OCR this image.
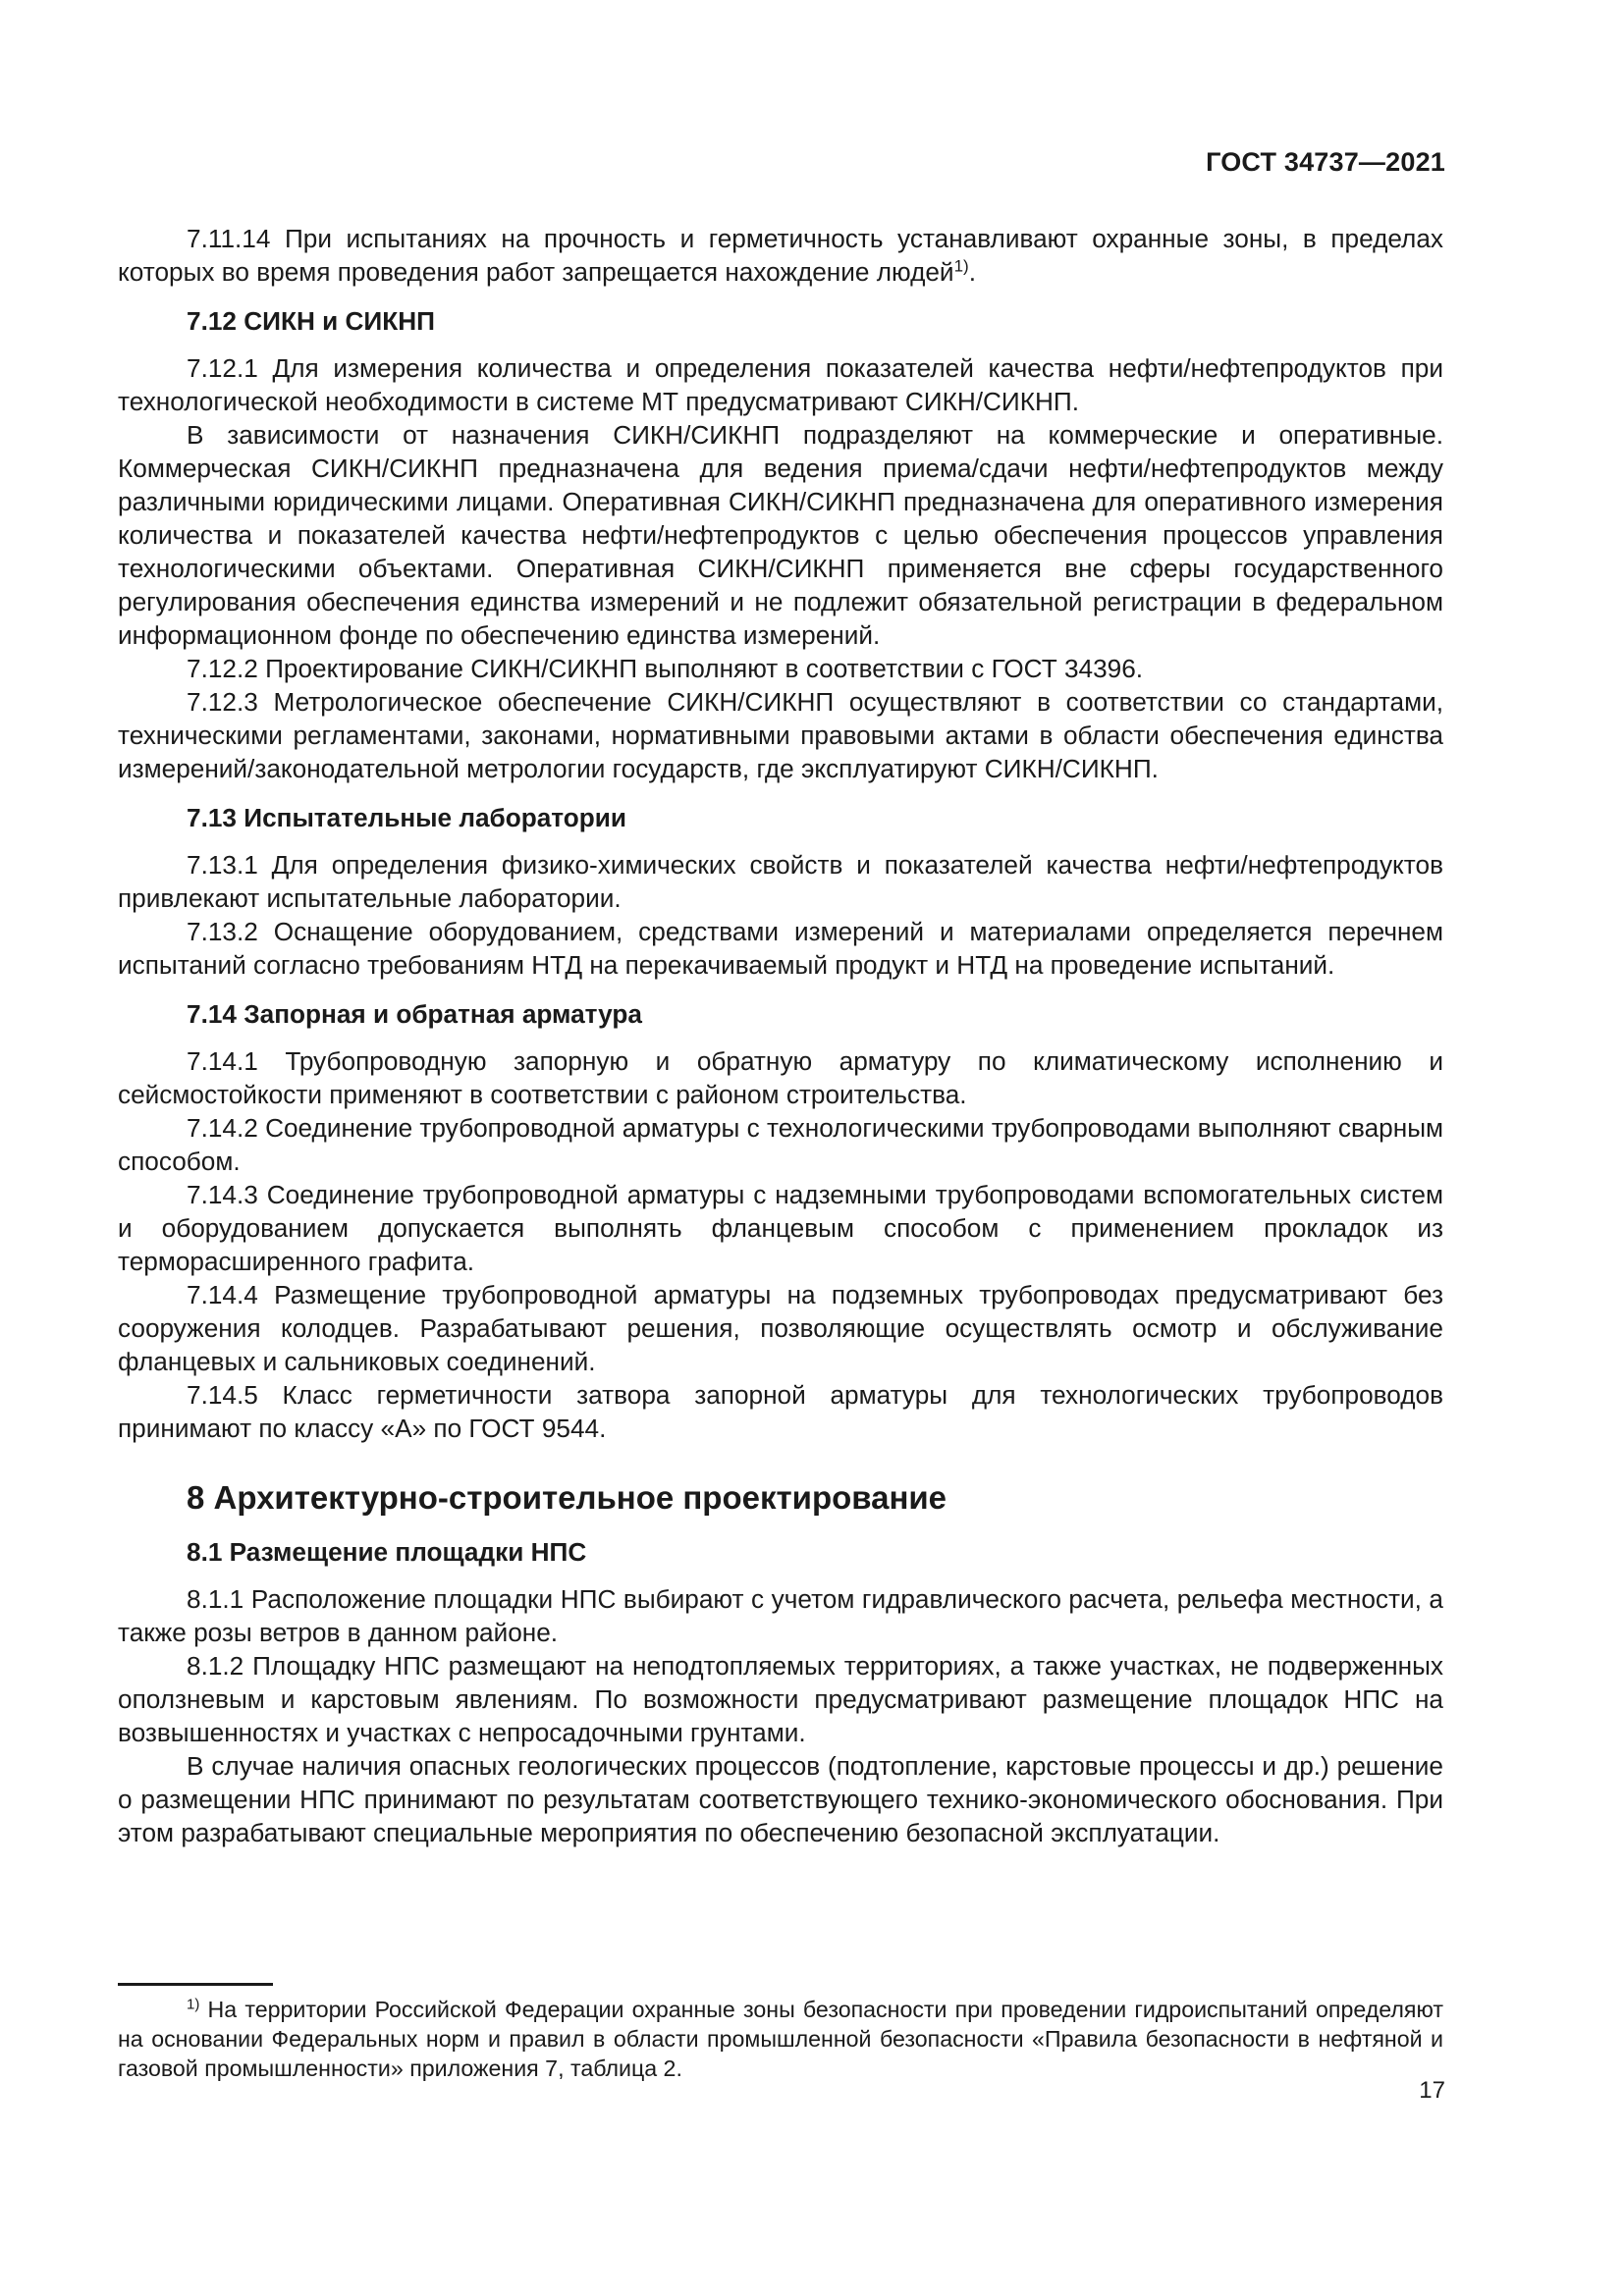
ГОСТ 34737—2021

7.11.14 При испытаниях на прочность и герметичность устанавливают охранные зоны, в пределах которых во время проведения работ запрещается нахождение людей$^{1)}$.

7.12 СИКН и СИКНП

7.12.1 Для измерения количества и определения показателей качества нефти/нефтепродуктов при технологической необходимости в системе МТ предусматривают СИКН/СИКНП.

В зависимости от назначения СИКН/СИКНП подразделяют на коммерческие и оперативные. Коммерческая СИКН/СИКНП предназначена для ведения приема/сдачи нефти/нефтепродуктов между различными юридическими лицами. Оперативная СИКН/СИКНП предназначена для оперативного измерения количества и показателей качества нефти/нефтепродуктов с целью обеспечения процессов управления технологическими объектами. Оперативная СИКН/СИКНП применяется вне сферы государственного регулирования обеспечения единства измерений и не подлежит обязательной регистрации в федеральном информационном фонде по обеспечению единства измерений.

7.12.2 Проектирование СИКН/СИКНП выполняют в соответствии с ГОСТ 34396.

7.12.3 Метрологическое обеспечение СИКН/СИКНП осуществляют в соответствии со стандартами, техническими регламентами, законами, нормативными правовыми актами в области обеспечения единства измерений/законодательной метрологии государств, где эксплуатируют СИКН/СИКНП.

7.13 Испытательные лаборатории

7.13.1 Для определения физико-химических свойств и показателей качества нефти/нефтепродуктов привлекают испытательные лаборатории.

7.13.2 Оснащение оборудованием, средствами измерений и материалами определяется перечнем испытаний согласно требованиям НТД на перекачиваемый продукт и НТД на проведение испытаний.

7.14 Запорная и обратная арматура

7.14.1 Трубопроводную запорную и обратную арматуру по климатическому исполнению и сейсмостойкости применяют в соответствии с районом строительства.

7.14.2 Соединение трубопроводной арматуры с технологическими трубопроводами выполняют сварным способом.

7.14.3 Соединение трубопроводной арматуры с надземными трубопроводами вспомогательных систем и оборудованием допускается выполнять фланцевым способом с применением прокладок из терморасширенного графита.

7.14.4 Размещение трубопроводной арматуры на подземных трубопроводах предусматривают без сооружения колодцев. Разрабатывают решения, позволяющие осуществлять осмотр и обслуживание фланцевых и сальниковых соединений.

7.14.5 Класс герметичности затвора запорной арматуры для технологических трубопроводов принимают по классу «А» по ГОСТ 9544.

8 Архитектурно-строительное проектирование
8.1 Размещение площадки НПС

8.1.1 Расположение площадки НПС выбирают с учетом гидравлического расчета, рельефа местности, а также розы ветров в данном районе.

8.1.2 Площадку НПС размещают на неподтопляемых территориях, а также участках, не подверженных оползневым и карстовым явлениям. По возможности предусматривают размещение площадок НПС на возвышенностях и участках с непросадочными грунтами.

В случае наличия опасных геологических процессов (подтопление, карстовые процессы и др.) решение о размещении НПС принимают по результатам соответствующего технико-экономического обоснования. При этом разрабатывают специальные мероприятия по обеспечению безопасной эксплуатации.

$^{1)}$ На территории Российской Федерации охранные зоны безопасности при проведении гидроиспытаний определяют на основании Федеральных норм и правил в области промышленной безопасности «Правила безопасности в нефтяной и газовой промышленности» приложения 7, таблица 2.

17
